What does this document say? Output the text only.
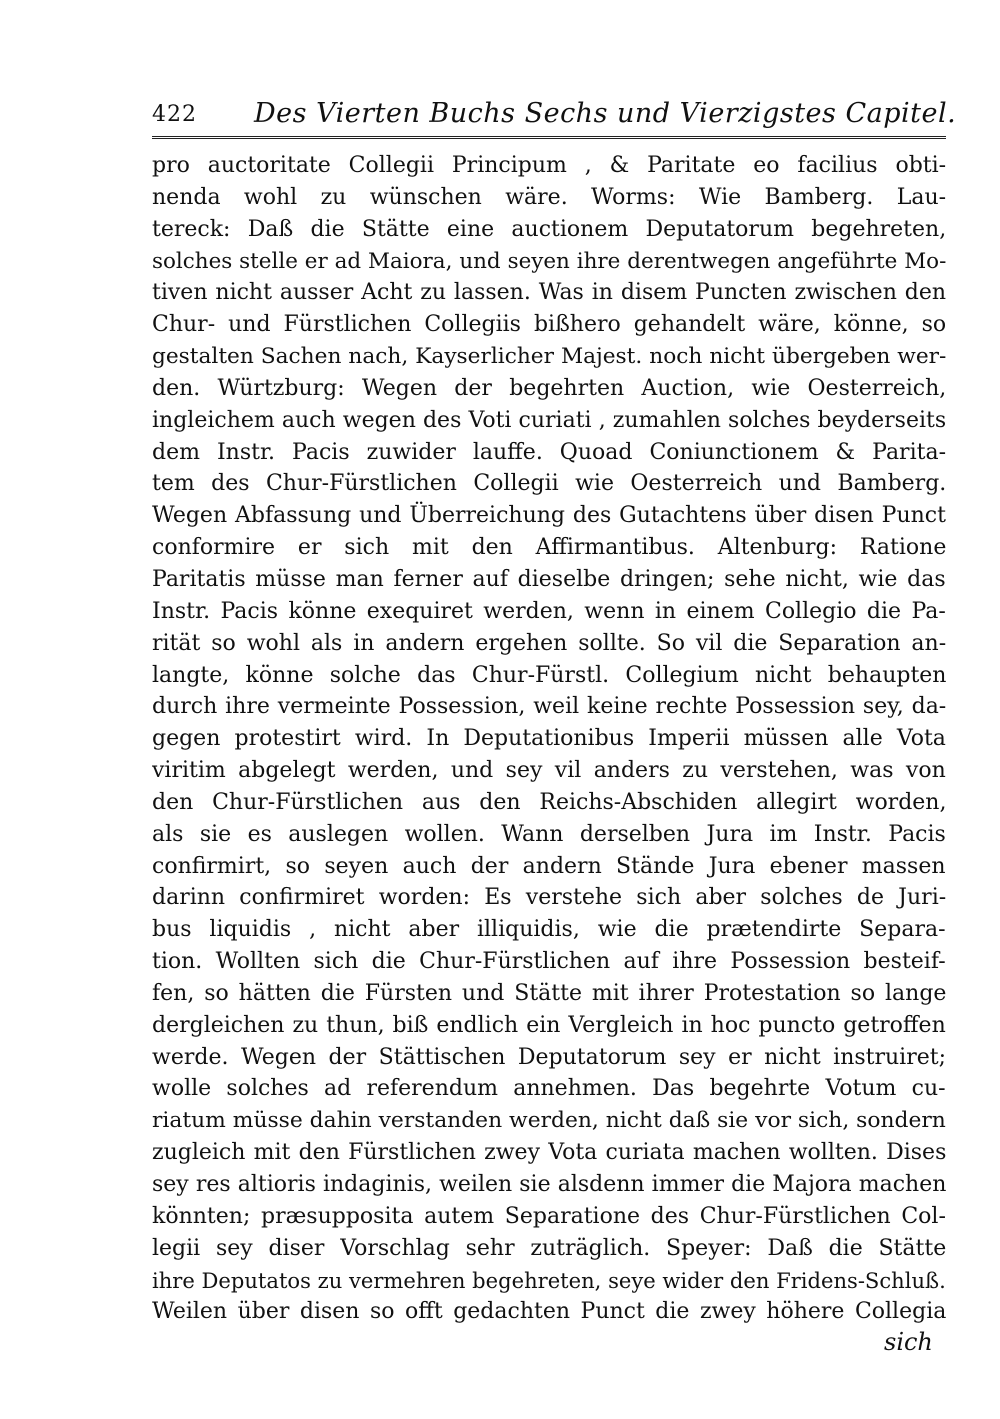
422 Des Vierten Buchs Sechs und Vierzigstes Capitel.
pro auctoritate Collegii Principum , & Paritate eo facilius obti-
nenda wohl zu wünschen wäre. Worms: Wie Bamberg. Lau-
tereck: Daß die Stätte eine auctionem Deputatorum begehreten,
solches stelle er ad Maiora, und seyen ihre derentwegen angeführte Mo-
tiven nicht ausser Acht zu lassen. Was in disem Puncten zwischen den
Chur- und Fürstlichen Collegiis bißhero gehandelt wäre, könne, so
gestalten Sachen nach, Kayserlicher Majest. noch nicht übergeben wer-
den. Würtzburg: Wegen der begehrten Auction, wie Oesterreich,
ingleichem auch wegen des Voti curiati , zumahlen solches beyderseits
dem Instr. Pacis zuwider lauffe. Quoad Coniunctionem & Parita-
tem des Chur-Fürstlichen Collegii wie Oesterreich und Bamberg.
Wegen Abfassung und Überreichung des Gutachtens über disen Punct
conformire er sich mit den Affirmantibus. Altenburg: Ratione
Paritatis müsse man ferner auf dieselbe dringen; sehe nicht, wie das
Instr. Pacis könne exequiret werden, wenn in einem Collegio die Pa-
rität so wohl als in andern ergehen sollte. So vil die Separation an-
langte, könne solche das Chur-Fürstl. Collegium nicht behaupten
durch ihre vermeinte Possession, weil keine rechte Possession sey, da-
gegen protestirt wird. In Deputationibus Imperii müssen alle Vota
viritim abgelegt werden, und sey vil anders zu verstehen, was von
den Chur-Fürstlichen aus den Reichs-Abschiden allegirt worden,
als sie es auslegen wollen. Wann derselben Jura im Instr. Pacis
confirmirt, so seyen auch der andern Stände Jura ebener massen
darinn confirmiret worden: Es verstehe sich aber solches de Juri-
bus liquidis , nicht aber illiquidis, wie die prætendirte Separa-
tion. Wollten sich die Chur-Fürstlichen auf ihre Possession besteif-
fen, so hätten die Fürsten und Stätte mit ihrer Protestation so lange
dergleichen zu thun, biß endlich ein Vergleich in hoc puncto getroffen
werde. Wegen der Stättischen Deputatorum sey er nicht instruiret;
wolle solches ad referendum annehmen. Das begehrte Votum cu-
riatum müsse dahin verstanden werden, nicht daß sie vor sich, sondern
zugleich mit den Fürstlichen zwey Vota curiata machen wollten. Dises
sey res altioris indaginis, weilen sie alsdenn immer die Majora machen
könnten; præsupposita autem Separatione des Chur-Fürstlichen Col-
legii sey diser Vorschlag sehr zuträglich. Speyer: Daß die Stätte
ihre Deputatos zu vermehren begehreten, seye wider den Fridens-Schluß.
Weilen über disen so offt gedachten Punct die zwey höhere Collegia
sich
